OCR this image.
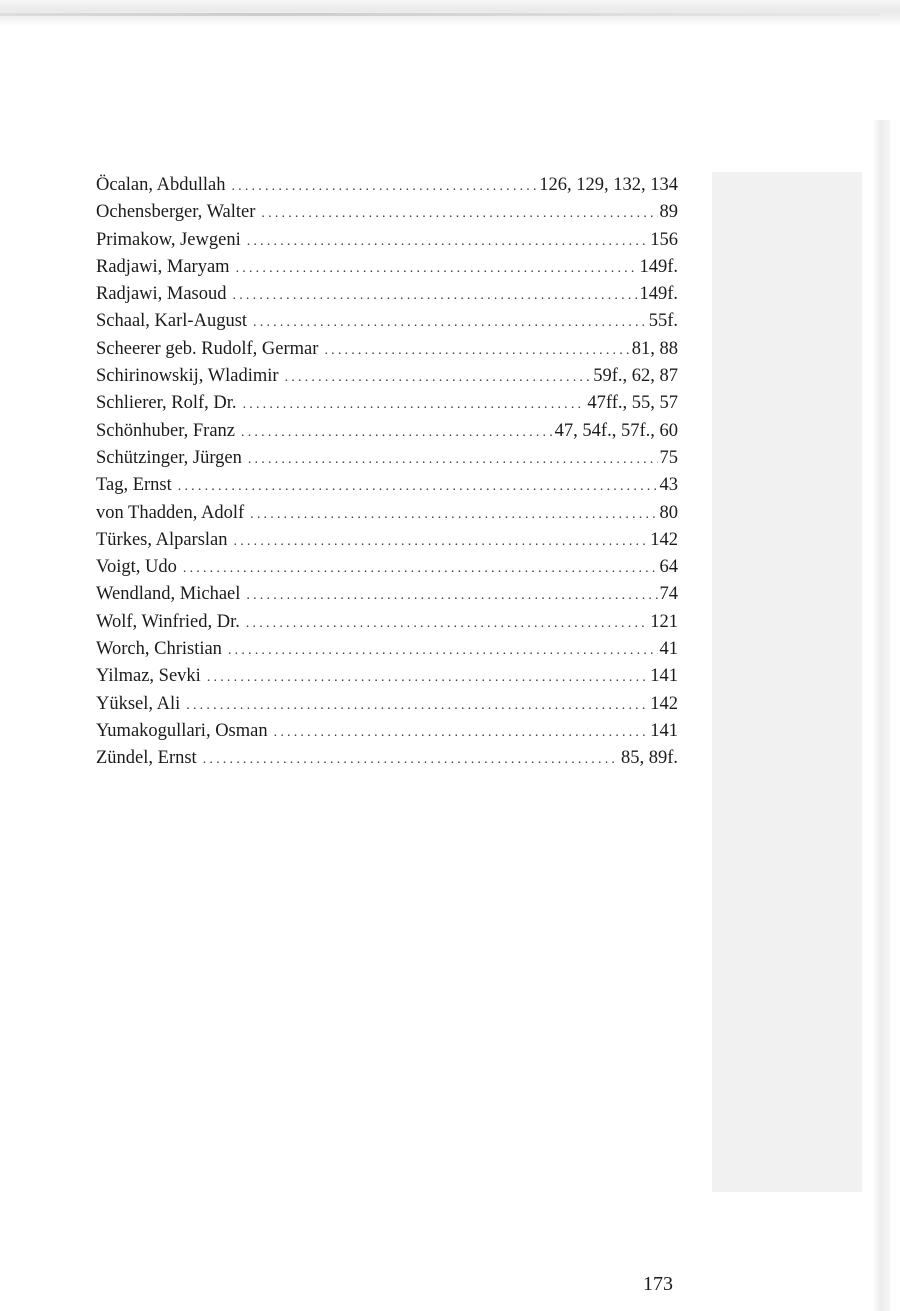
Öcalan, Abdullah .....	126, 129, 132, 134
Ochensberger, Walter .....	89
Primakow, Jewgeni .....	156
Radjawi, Maryam .....	149f.
Radjawi, Masoud .....	149f.
Schaal, Karl-August .....	55f.
Scheerer geb. Rudolf, Germar .....	81, 88
Schirinowskij, Wladimir .....	59f., 62, 87
Schlierer, Rolf, Dr. .....	47ff., 55, 57
Schönhuber, Franz .....	47, 54f., 57f., 60
Schützinger, Jürgen .....	75
Tag, Ernst .....	43
von Thadden, Adolf .....	80
Türkes, Alparslan .....	142
Voigt, Udo .....	64
Wendland, Michael .....	74
Wolf, Winfried, Dr. .....	121
Worch, Christian .....	41
Yilmaz, Sevki .....	141
Yüksel, Ali .....	142
Yumakogullari, Osman .....	141
Zündel, Ernst .....	85, 89f.
173
